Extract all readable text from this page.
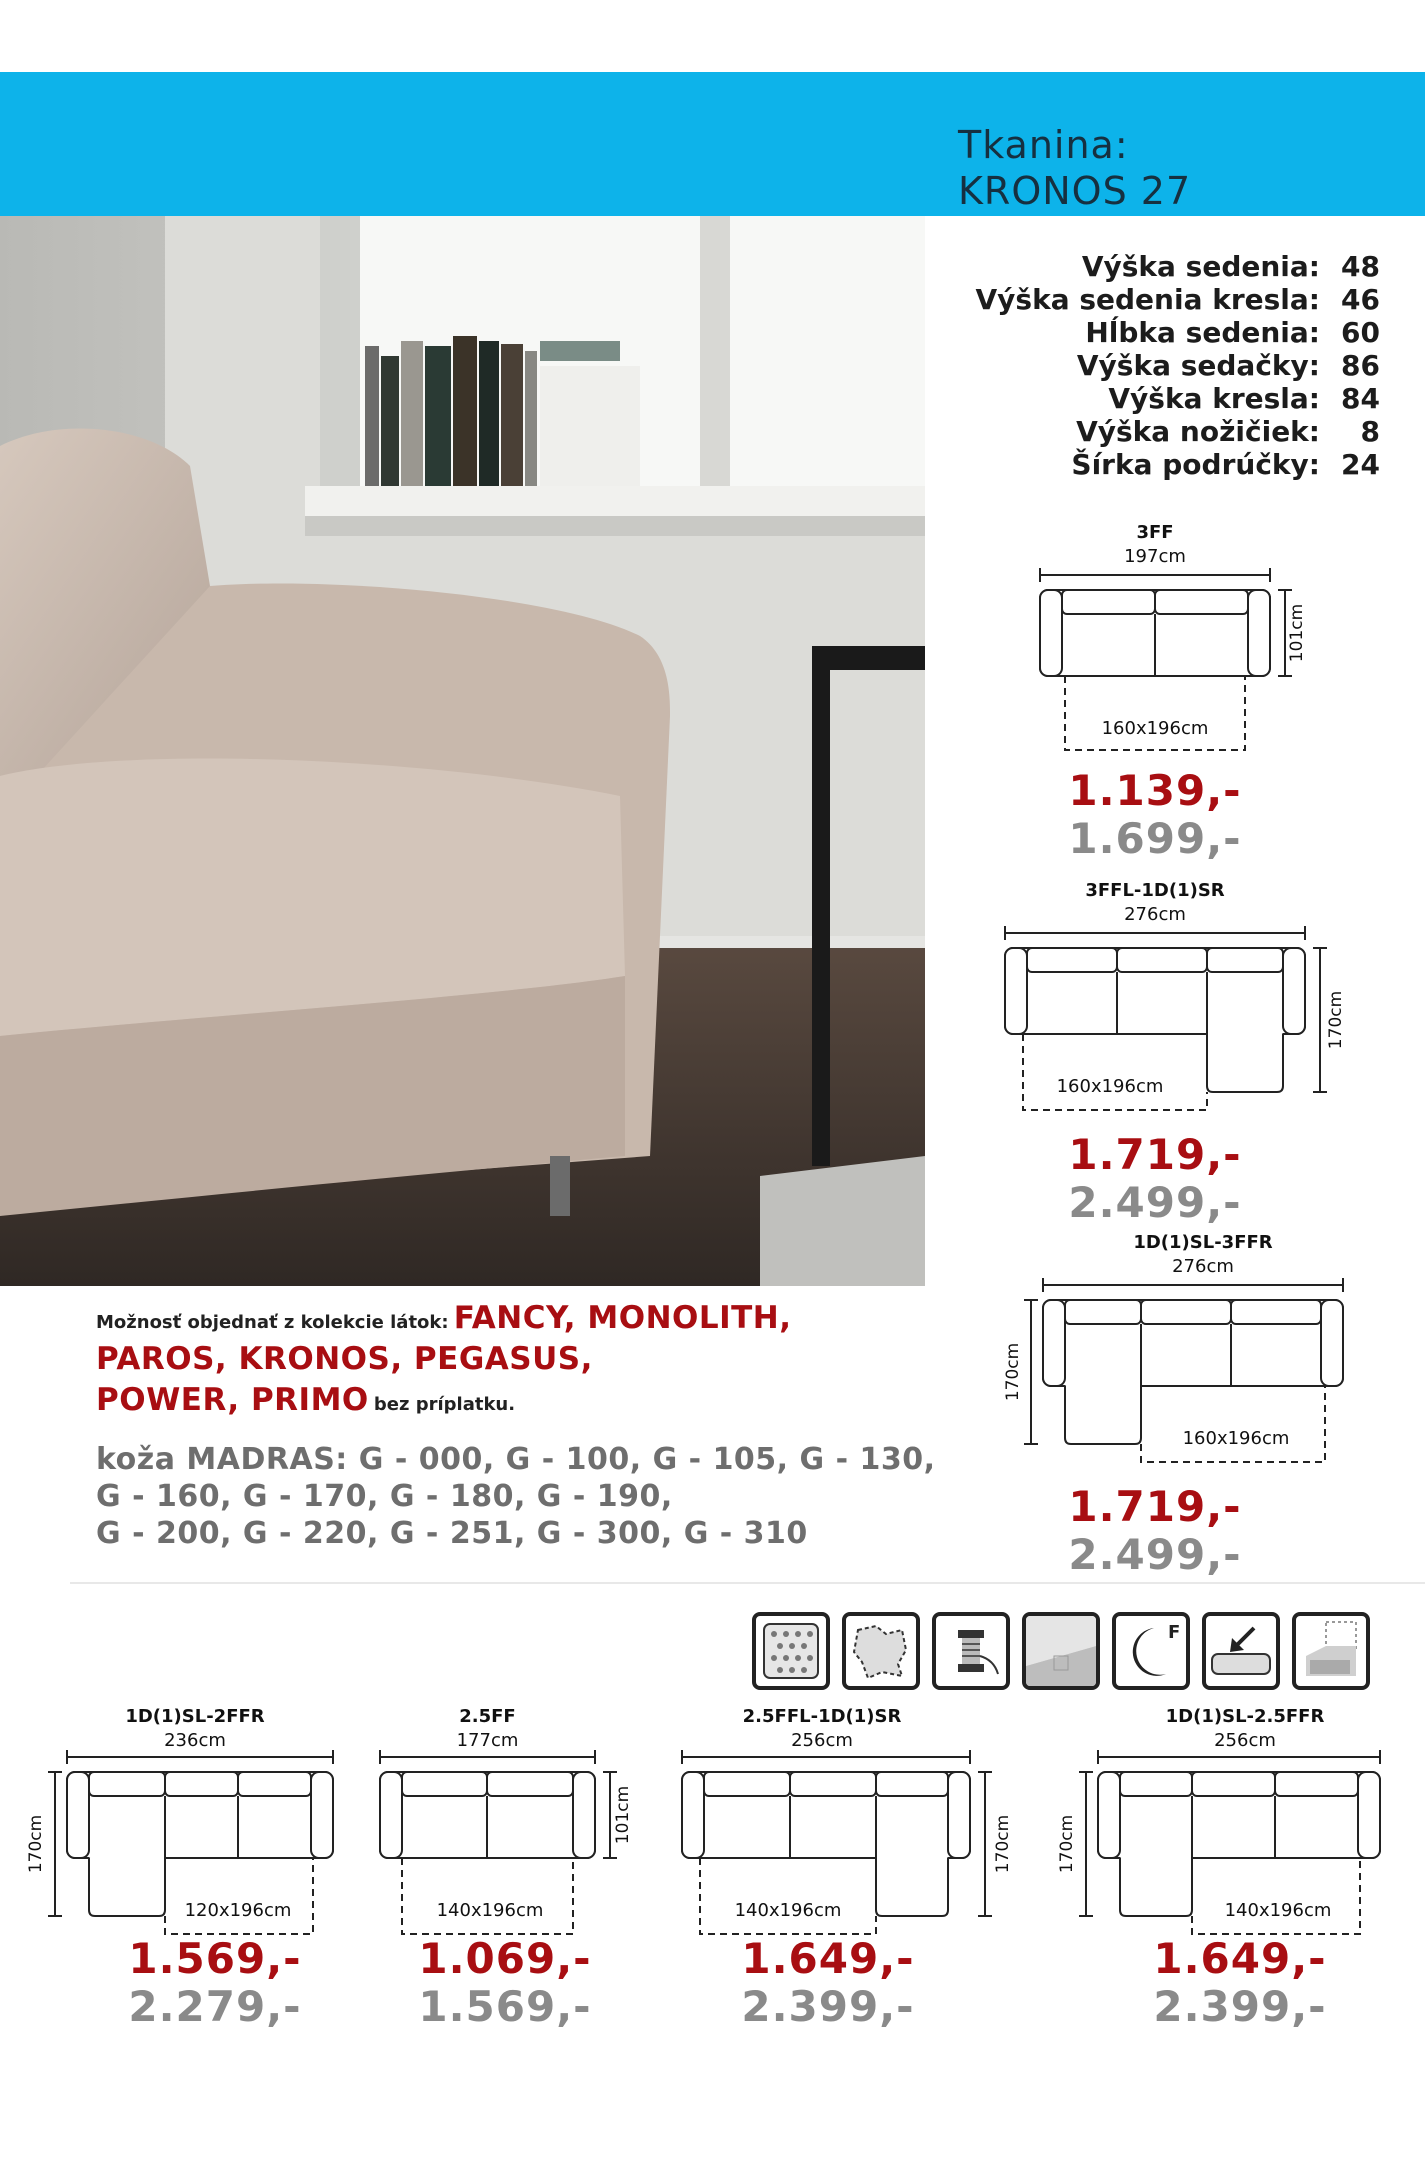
Tkanina:
KRONOS 27
Možnosť objednať z kolekcie látok: FANCY, MONOLITH,
PAROS, KRONOS, PEGASUS,
POWER, PRIMO bez príplatku.
koža MADRAS: G - 000, G - 100, G - 105, G - 130,
G - 160, G - 170, G - 180, G - 190,
G - 200, G - 220, G - 251, G - 300, G - 310
Výška sedenia: 48
Výška sedenia kresla: 46
Hĺbka sedenia: 60
Výška sedačky: 86
Výška kresla: 84
Výška nožičiek:	8
Šírka podrúčky: 24
3FF
197cm
160x196cm
101cm
1.139,-
1.699,-
3FFL-1D(1)SR
276cm
160x196cm
170cm
1.719,-
2.499,-
1D(1)SL-3FFR
276cm
160x196cm
170cm
1.719,-
2.499,-
F
1D(1)SL-2FFR
236cm
120x196cm
170cm
1.569,-
2.279,-
2.5FF
177cm
140x196cm
101cm
1.069,-
1.569,-
2.5FFL-1D(1)SR
256cm
140x196cm
170cm
1.649,-
2.399,-
1D(1)SL-2.5FFR
256cm
140x196cm
170cm
1.649,-
2.399,-
